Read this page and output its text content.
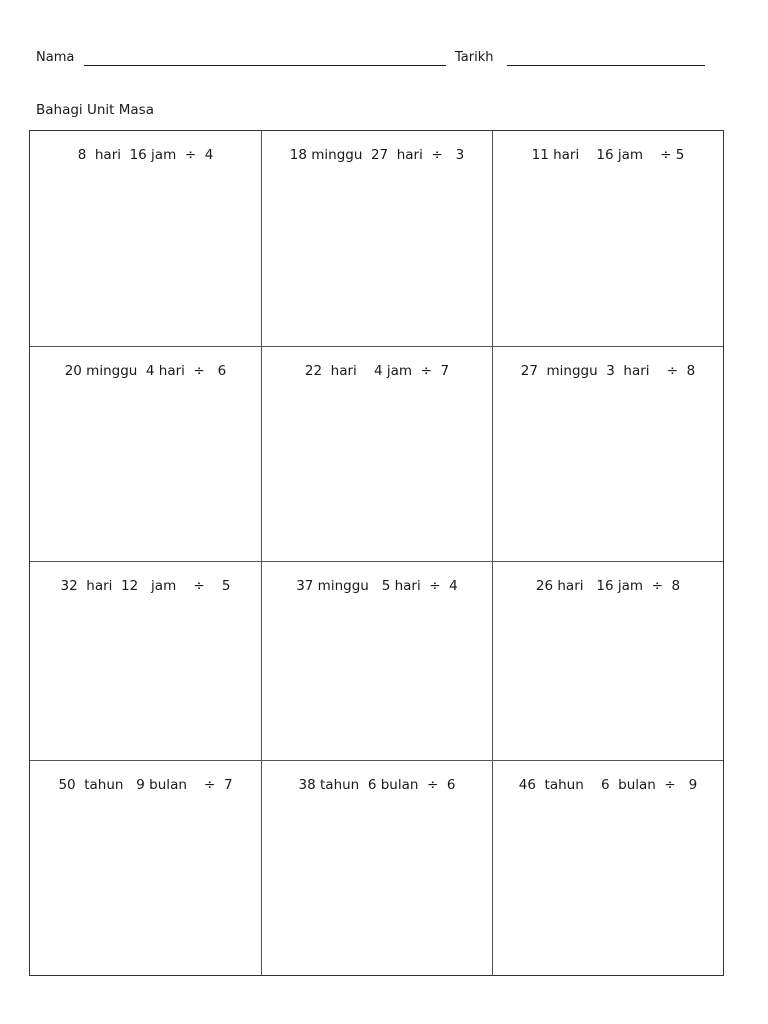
Nama	Tarikh
Bahagi Unit Masa
8  hari  16 jam  ÷  4	18 minggu  27  hari  ÷   3	11 hari    16 jam    ÷ 5
20 minggu  4 hari  ÷   6	22  hari    4 jam  ÷  7	27  minggu  3  hari    ÷  8
32  hari  12   jam    ÷    5	37 minggu   5 hari  ÷  4	26 hari   16 jam  ÷  8
50  tahun   9 bulan    ÷  7	38 tahun  6 bulan  ÷  6	46  tahun    6  bulan  ÷   9
